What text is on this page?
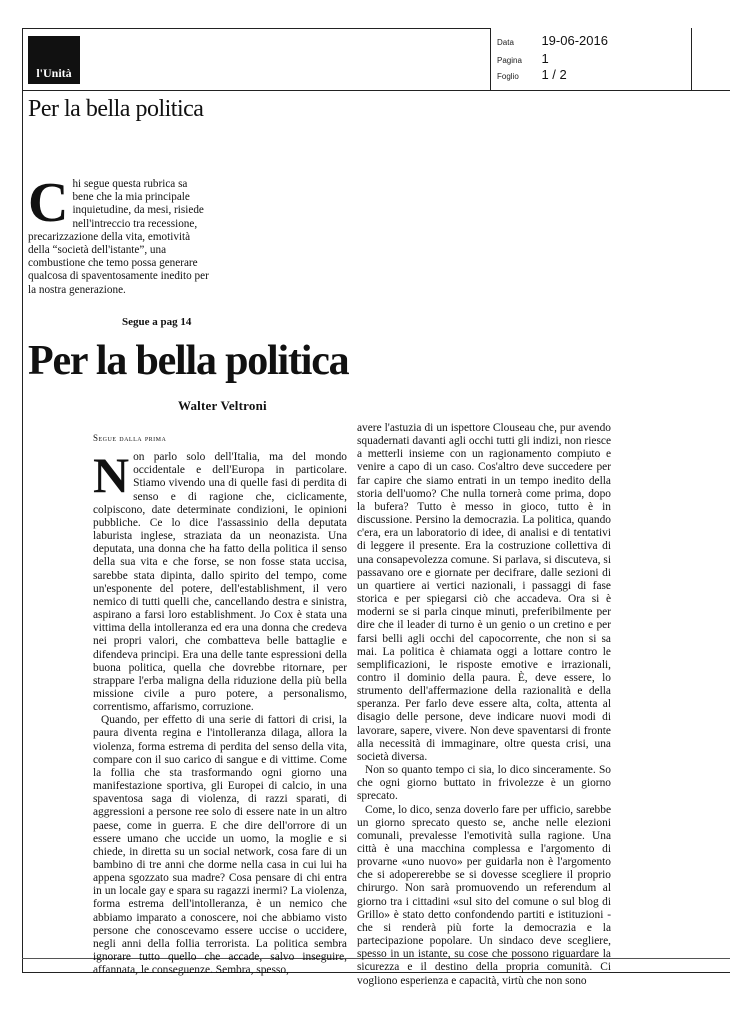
l'Unità
Data 19-06-2016
Pagina 1
Foglio 1 / 2
Per la bella politica
C hi segue questa rubrica sa bene che la mia principale inquietudine, da mesi, risiede nell'intreccio tra recessione, precarizzazione della vita, emotività della “società dell'istante”, una combustione che temo possa generare qualcosa di spaventosamente inedito per la nostra generazione.
Segue a pag 14
Per la bella politica
Walter Veltroni
Segue dalla prima
N on parlo solo dell'Italia, ma del mondo occidentale e dell'Europa in particolare. Stiamo vivendo una di quelle fasi di perdita di senso e di ragione che, ciclicamente, colpiscono, date determinate condizioni, le opinioni pubbliche. Ce lo dice l'assassinio della deputata laburista inglese, straziata da un neonazista. Una deputata, una donna che ha fatto della politica il senso della sua vita e che forse, se non fosse stata uccisa, sarebbe stata dipinta, dallo spirito del tempo, come un'esponente del potere, dell'establishment, il vero nemico di tutti quelli che, cancellando destra e sinistra, aspirano a farsi loro establishment. Jo Cox è stata una vittima della intolleranza ed era una donna che credeva nei propri valori, che combatteva belle battaglie e difendeva principi. Era una delle tante espressioni della buona politica, quella che dovrebbe ritornare, per strappare l'erba maligna della riduzione della più bella missione civile a puro potere, a personalismo, correntismo, affarismo, corruzione.

Quando, per effetto di una serie di fattori di crisi, la paura diventa regina e l'intolleranza dilaga, allora la violenza, forma estrema di perdita del senso della vita, compare con il suo carico di sangue e di vittime. Come la follia che sta trasformando ogni giorno una manifestazione sportiva, gli Europei di calcio, in una spaventosa saga di violenza, di razzi sparati, di aggressioni a persone ree solo di essere nate in un altro paese, come in guerra. E che dire dell'orrore di un essere umano che uccide un uomo, la moglie e si chiede, in diretta su un social network, cosa fare di un bambino di tre anni che dorme nella casa in cui lui ha appena sgozzato sua madre? Cosa pensare di chi entra in un locale gay e spara su ragazzi inermi? La violenza, forma estrema dell'intolleranza, è un nemico che abbiamo imparato a conoscere, noi che abbiamo visto persone che conoscevamo essere uccise o uccidere, negli anni della follia terrorista. La politica sembra ignorare tutto quello che accade, salvo inseguire, affannata, le conseguenze. Sembra, spesso,

avere l'astuzia di un ispettore Clouseau che, pur avendo squadernati davanti agli occhi tutti gli indizi, non riesce a metterli insieme con un ragionamento compiuto e venire a capo di un caso. Cos'altro deve succedere per far capire che siamo entrati in un tempo inedito della storia dell'uomo? Che nulla tornerà come prima, dopo la bufera? Tutto è messo in gioco, tutto è in discussione. Persino la democrazia. La politica, quando c'era, era un laboratorio di idee, di analisi e di tentativi di leggere il presente. Era la costruzione collettiva di una consapevolezza comune. Si parlava, si discuteva, si passavano ore e giornate per decifrare, dalle sezioni di un quartiere ai vertici nazionali, i passaggi di fase storica e per spiegarsi ciò che accadeva. Ora si è moderni se si parla cinque minuti, preferibilmente per dire che il leader di turno è un genio o un cretino e per farsi belli agli occhi del capocorrente, che non si sa mai. La politica è chiamata oggi a lottare contro le semplificazioni, le risposte emotive e irrazionali, contro il dominio della paura. È, deve essere, lo strumento dell'affermazione della razionalità e della speranza. Per farlo deve essere alta, colta, attenta al disagio delle persone, deve indicare nuovi modi di lavorare, sapere, vivere. Non deve spaventarsi di fronte alla necessità di immaginare, oltre questa crisi, una società diversa.

Non so quanto tempo ci sia, lo dico sinceramente. So che ogni giorno buttato in frivolezze è un giorno sprecato.

Come, lo dico, senza doverlo fare per ufficio, sarebbe un giorno sprecato questo se, anche nelle elezioni comunali, prevalesse l'emotività sulla ragione. Una città è una macchina complessa e l'argomento di provarne «uno nuovo» per guidarla non è l'argomento che si adopererebbe se si dovesse scegliere il proprio chirurgo. Non sarà promuovendo un referendum al giorno tra i cittadini «sul sito del comune o sul blog di Grillo» è stato detto confondendo partiti e istituzioni - che si renderà più forte la democrazia e la partecipazione popolare. Un sindaco deve scegliere, spesso in un istante, su cose che possono riguardare la sicurezza e il destino della propria comunità. Ci vogliono esperienza e capacità, virtù che non sono
